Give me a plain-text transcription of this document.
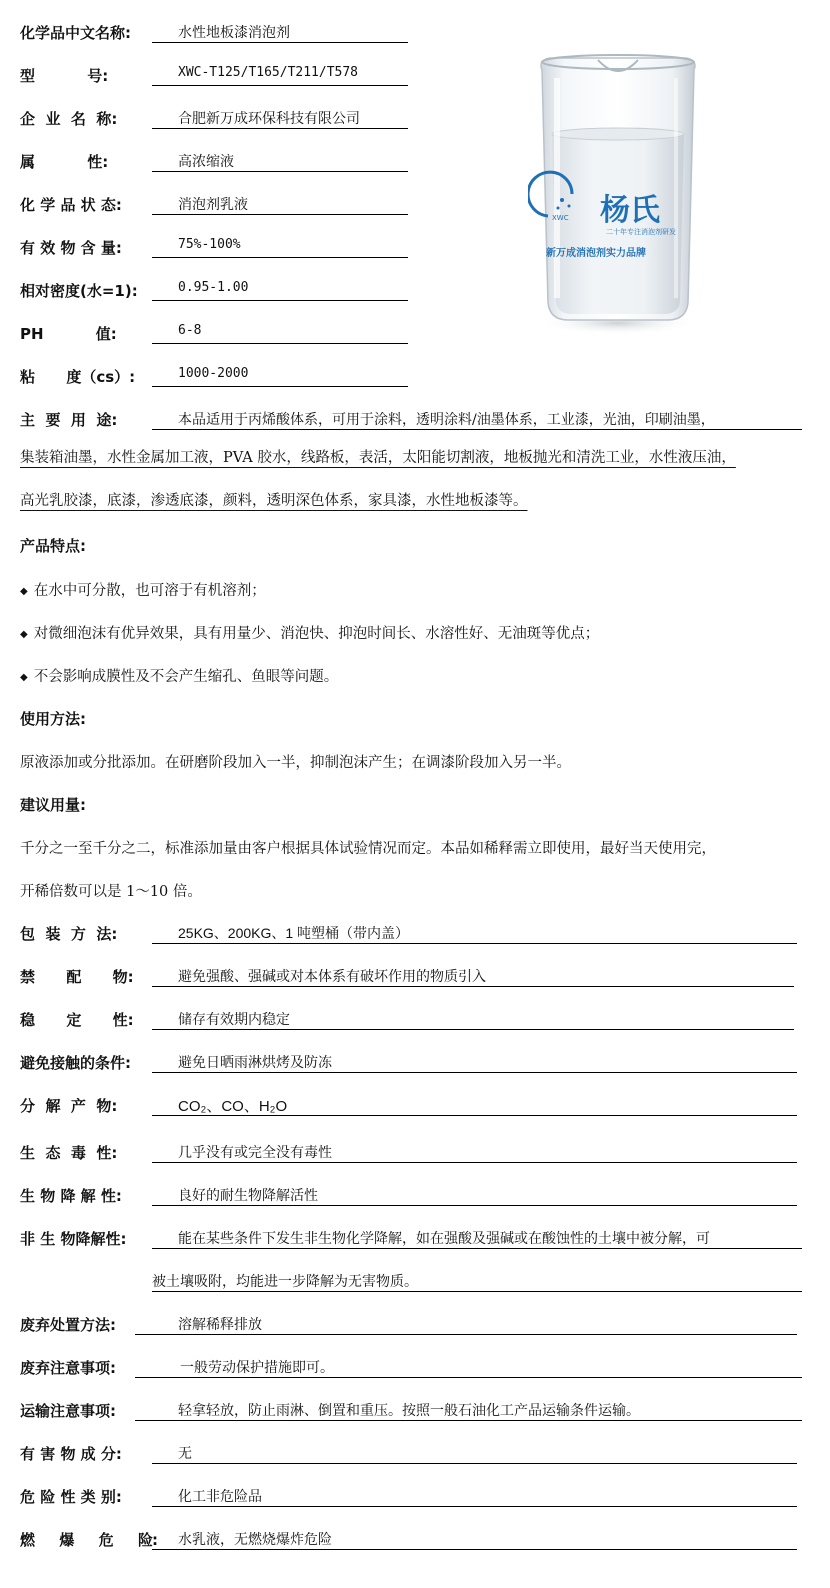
化学品中文名称:	水性地板漆消泡剂
型          号:	XWC-T125/T165/T211/T578
企  业  名  称:	合肥新万成环保科技有限公司
属          性:	高浓缩液
化 学 品 状 态:	消泡剂乳液
有 效 物 含 量:	75%-100%
相对密度(水=1):	0.95-1.00
PH          值:	6-8
粘      度（cs）:	1000-2000
XWC 杨氏
二十年专注消泡剂研发
新万成消泡剂实力品牌
主  要  用  途:	本品适用于丙烯酸体系，可用于涂料，透明涂料/油墨体系，工业漆，光油，印刷油墨，
集装箱油墨，水性金属加工液，PVA 胶水，线路板，表活，太阳能切割液，地板抛光和清洗工业，水性液压油，
高光乳胶漆，底漆，渗透底漆，颜料，透明深色体系，家具漆，水性地板漆等。
产品特点:
◆ 在水中可分散，也可溶于有机溶剂；
◆ 对微细泡沫有优异效果，具有用量少、消泡快、抑泡时间长、水溶性好、无油斑等优点；
◆ 不会影响成膜性及不会产生缩孔、鱼眼等问题。
使用方法:
原液添加或分批添加。在研磨阶段加入一半，抑制泡沫产生；在调漆阶段加入另一半。
建议用量:
千分之一至千分之二，标准添加量由客户根据具体试验情况而定。本品如稀释需立即使用，最好当天使用完，
开稀倍数可以是 1～10 倍。
包  装  方  法:	25KG、200KG、1 吨塑桶（带内盖）
禁      配      物:	避免强酸、强碱或对本体系有破坏作用的物质引入
稳      定      性:	储存有效期内稳定
避免接触的条件:	避免日晒雨淋烘烤及防冻
分  解  产  物:	CO₂、CO、H₂O
生  态  毒  性:	几乎没有或完全没有毒性
生 物 降 解 性:	良好的耐生物降解活性
非 生 物降解性:	能在某些条件下发生非生物化学降解，如在强酸及强碱或在酸蚀性的土壤中被分解，可
被土壤吸附，均能进一步降解为无害物质。
废弃处置方法:	溶解稀释排放
废弃注意事项:	一般劳动保护措施即可。
运输注意事项:	轻拿轻放，防止雨淋、倒置和重压。按照一般石油化工产品运输条件运输。
有 害 物 成 分:	无
危 险 性 类 别:	化工非危险品
燃      爆      危      险:	水乳液，无燃烧爆炸危险
